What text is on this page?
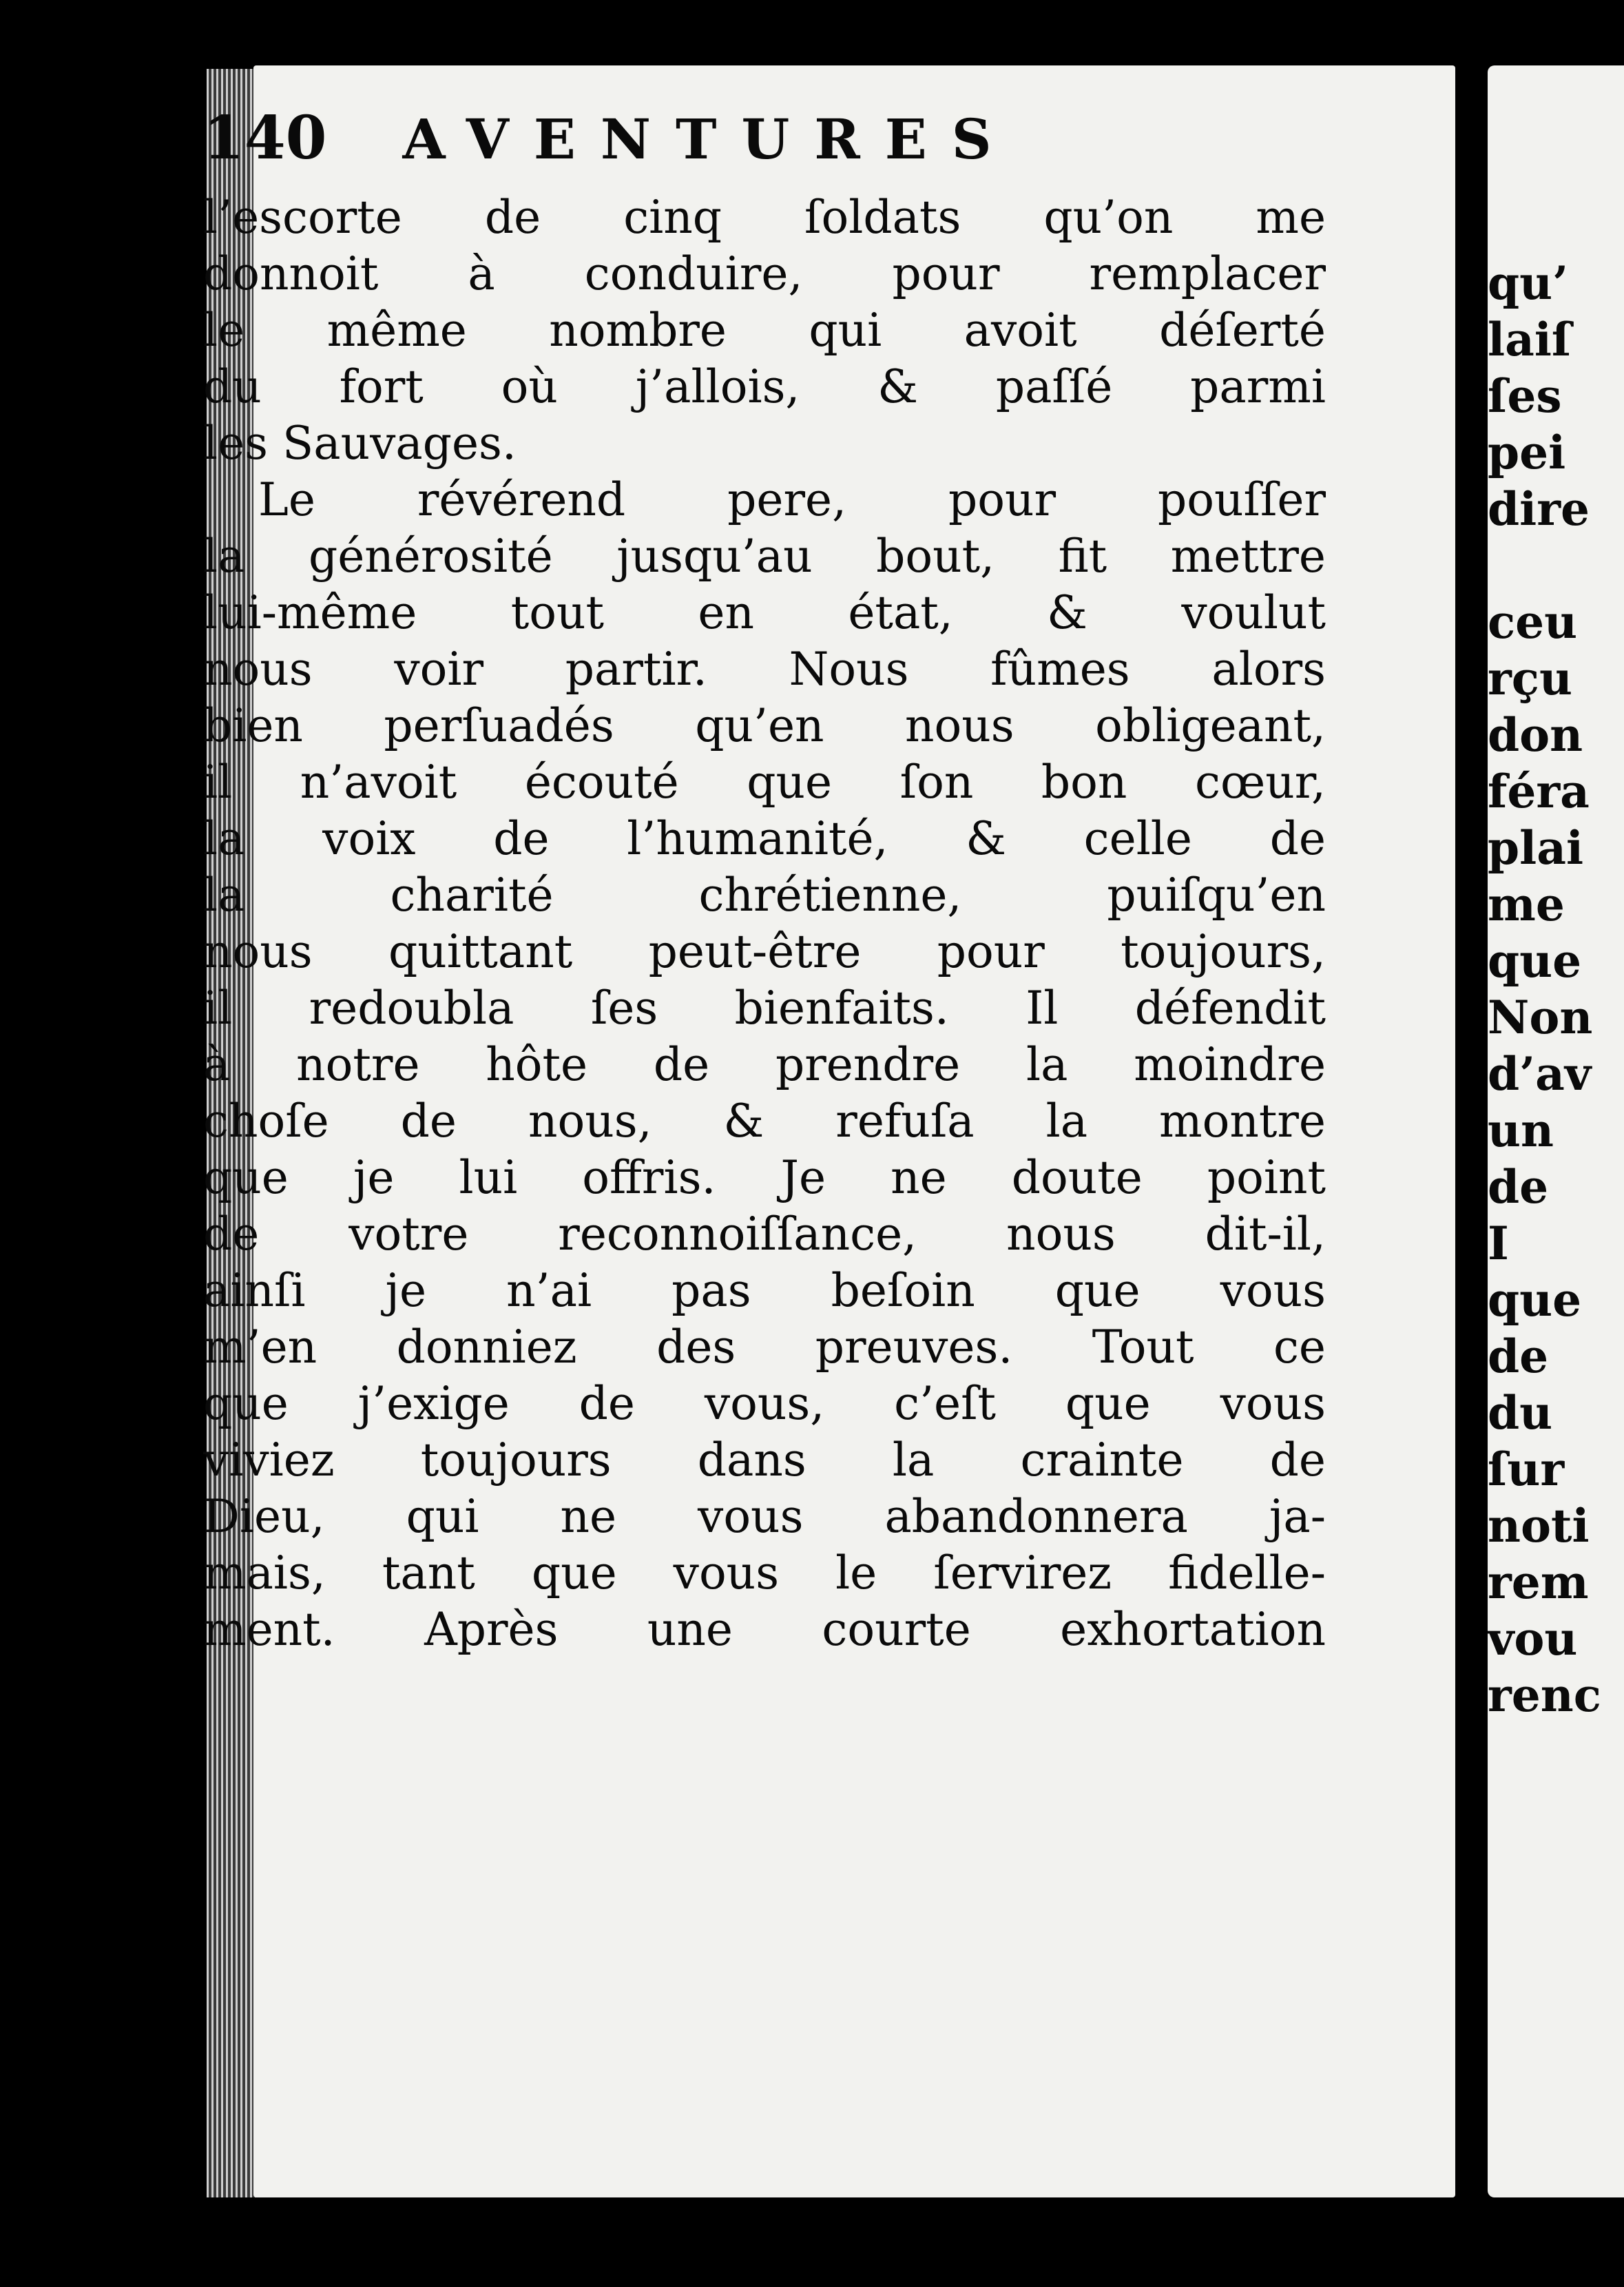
140 AVENTURES
l’escorte de cinq ſoldats qu’on me
donnoit à conduire, pour remplacer
le même nombre qui avoit déſerté
du fort où j’allois, & paſſé parmi
les Sauvages.
Le révérend pere, pour pouſſer
la générosité jusqu’au bout, fit mettre
lui-même tout en état, & voulut
nous voir partir. Nous fûmes alors
bien perſuadés qu’en nous obligeant,
il n’avoit écouté que ſon bon cœur,
la voix de l’humanité, & celle de
la charité chrétienne, puiſqu’en
nous quittant peut-être pour toujours,
il redoubla ſes bienfaits. Il défendit
à notre hôte de prendre la moindre
choſe de nous, & refuſa la montre
que je lui offris. Je ne doute point
de votre reconnoiſſance, nous dit-il,
ainſi je n’ai pas beſoin que vous
m’en donniez des preuves. Tout ce
que j’exige de vous, c’eſt que vous
viviez toujours dans la crainte de
Dieu, qui ne vous abandonnera ja-
mais, tant que vous le ſervirez fidelle-
ment. Après une courte exhortation
qu’
laiſ
ſes
pei
dire
ceu
rçu
don
féra
plai
me
que
Non
d’av
un
de
I
que
de
du
ſur
noti
rem
vou
renc
